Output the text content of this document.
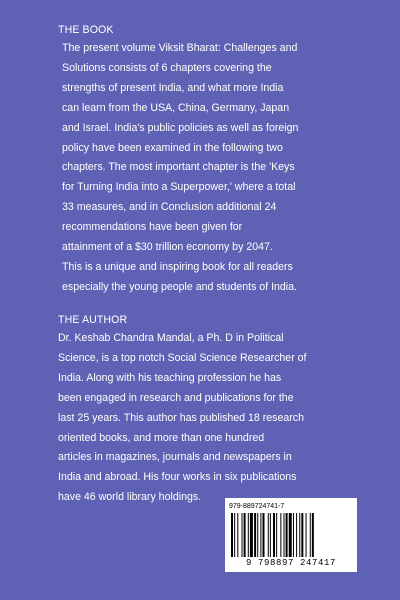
THE BOOK

The present volume Viksit Bharat: Challenges and
Solutions consists of 6 chapters covering the
strengths of present India, and what more India
can learn from the USA, China, Germany, Japan
and Israel. India's public policies as well as foreign
policy have been examined in the following two
chapters. The most important chapter is the 'Keys
for Turning India into a Superpower,' where a total
33 measures, and in Conclusion additional 24
recommendations have been given for
attainment of a $30 trillion economy by 2047.
This is a unique and inspiring book for all readers
especially the young people and students of India.

THE AUTHOR

Dr. Keshab Chandra Mandal, a Ph. D in Political
Science, is a top notch Social Science Researcher of
India. Along with his teaching profession he has
been engaged in research and publications for the
last 25 years. This author has published 18 research
oriented books, and more than one hundred
articles in magazines, journals and newspapers in
India and abroad. His four works in six publications
have 46 world library holdings.

979-889724741-7
9 798897 247417
